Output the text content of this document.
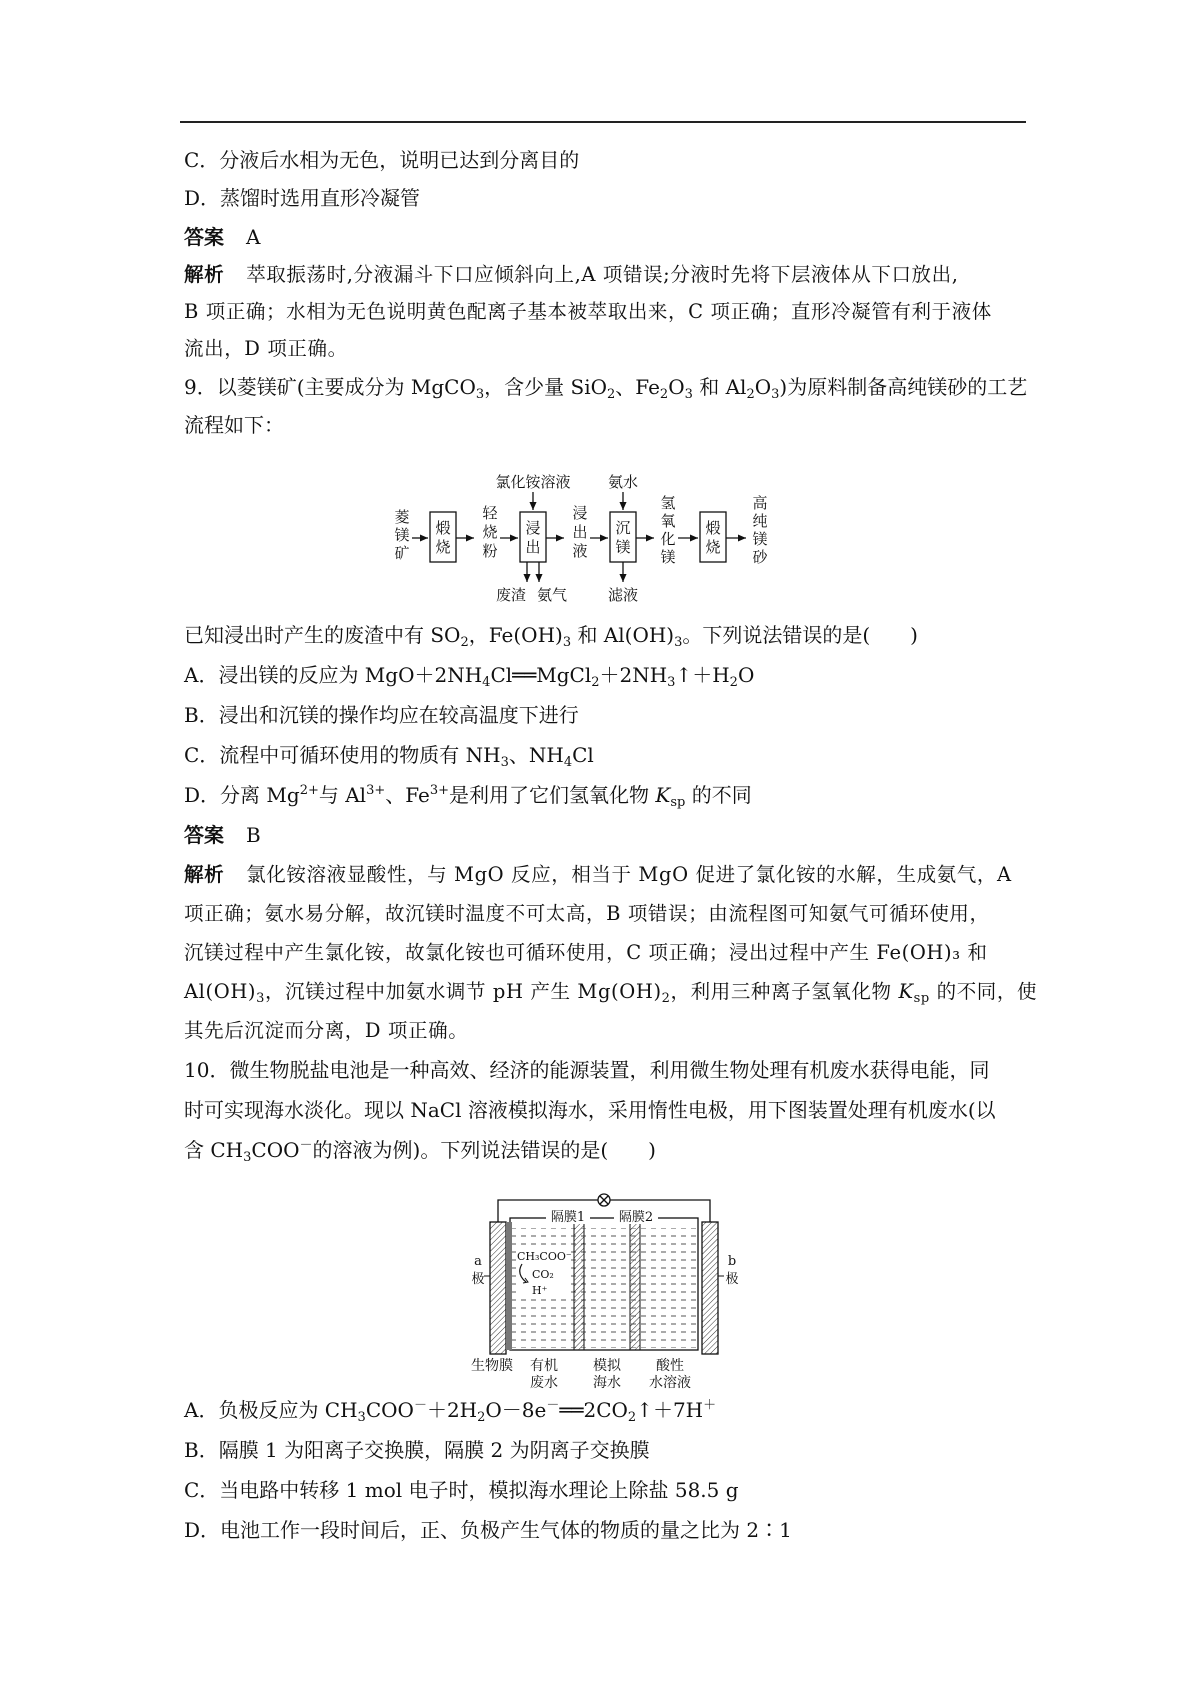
C．分液后水相为无色，说明已达到分离目的
D．蒸馏时选用直形冷凝管
答案 A
解析 萃取振荡时,分液漏斗下口应倾斜向上,A 项错误;分液时先将下层液体从下口放出,
B 项正确；水相为无色说明黄色配离子基本被萃取出来，C 项正确；直形冷凝管有利于液体
流出，D 项正确。
9．以菱镁矿(主要成分为 MgCO$_3$，含少量 SiO$_2$、$Fe_2O_3$ 和 $Al_2O_3$)为原料制备高纯镁砂的工艺
流程如下：
菱
镁
矿
煅
烧
轻
烧
粉
浸
出
氯化铵溶液
废渣 氨气
浸
出
液
沉
镁
氨水
滤液
氢
氧
化
镁
煅
烧
高
纯
镁
砂
已知浸出时产生的废渣中有 $SO_2$，$Fe(OH)_3$ 和 $Al(OH)_3$。下列说法错误的是(　　)
A．浸出镁的反应为 $MgO+2NH_4Cl══MgCl_2+2NH_3↑+H_2O$
B．浸出和沉镁的操作均应在较高温度下进行
C．流程中可循环使用的物质有 $NH_3$、$NH_4Cl$
D．分离 $Mg^{2+}$与 $Al^{3+}$、$Fe^{3+}$是利用了它们氢氧化物 $K_{sp}$ 的不同
答案 B
解析 氯化铵溶液显酸性，与 MgO 反应，相当于 MgO 促进了氯化铵的水解，生成氨气，A
项正确；氨水易分解，故沉镁时温度不可太高，B 项错误；由流程图可知氨气可循环使用，
沉镁过程中产生氯化铵，故氯化铵也可循环使用，C 项正确；浸出过程中产生 Fe(OH)₃ 和
$Al(OH)_3$，沉镁过程中加氨水调节 pH 产生 $Mg(OH)_2$，利用三种离子氢氧化物 $K_{sp}$ 的不同，使
其先后沉淀而分离，D 项正确。
10．微生物脱盐电池是一种高效、经济的能源装置，利用微生物处理有机废水获得电能，同
时可实现海水淡化。现以 NaCl 溶液模拟海水，采用惰性电极，用下图装置处理有机废水(以
含 $CH_3COO^-$的溶液为例)。下列说法错误的是(　　)
隔膜1	隔膜2
a
极
b
极
CH₃COO⁻
CO₂
H⁺
生物膜 有机
废水
模拟
海水
酸性
水溶液
A．负极反应为 $CH_3COO^-+2H_2O-8e^-══2CO_2↑+7H^+$
B．隔膜 1 为阳离子交换膜，隔膜 2 为阴离子交换膜
C．当电路中转移 1 mol 电子时，模拟海水理论上除盐 58.5 g
D．电池工作一段时间后，正、负极产生气体的物质的量之比为 2∶1
